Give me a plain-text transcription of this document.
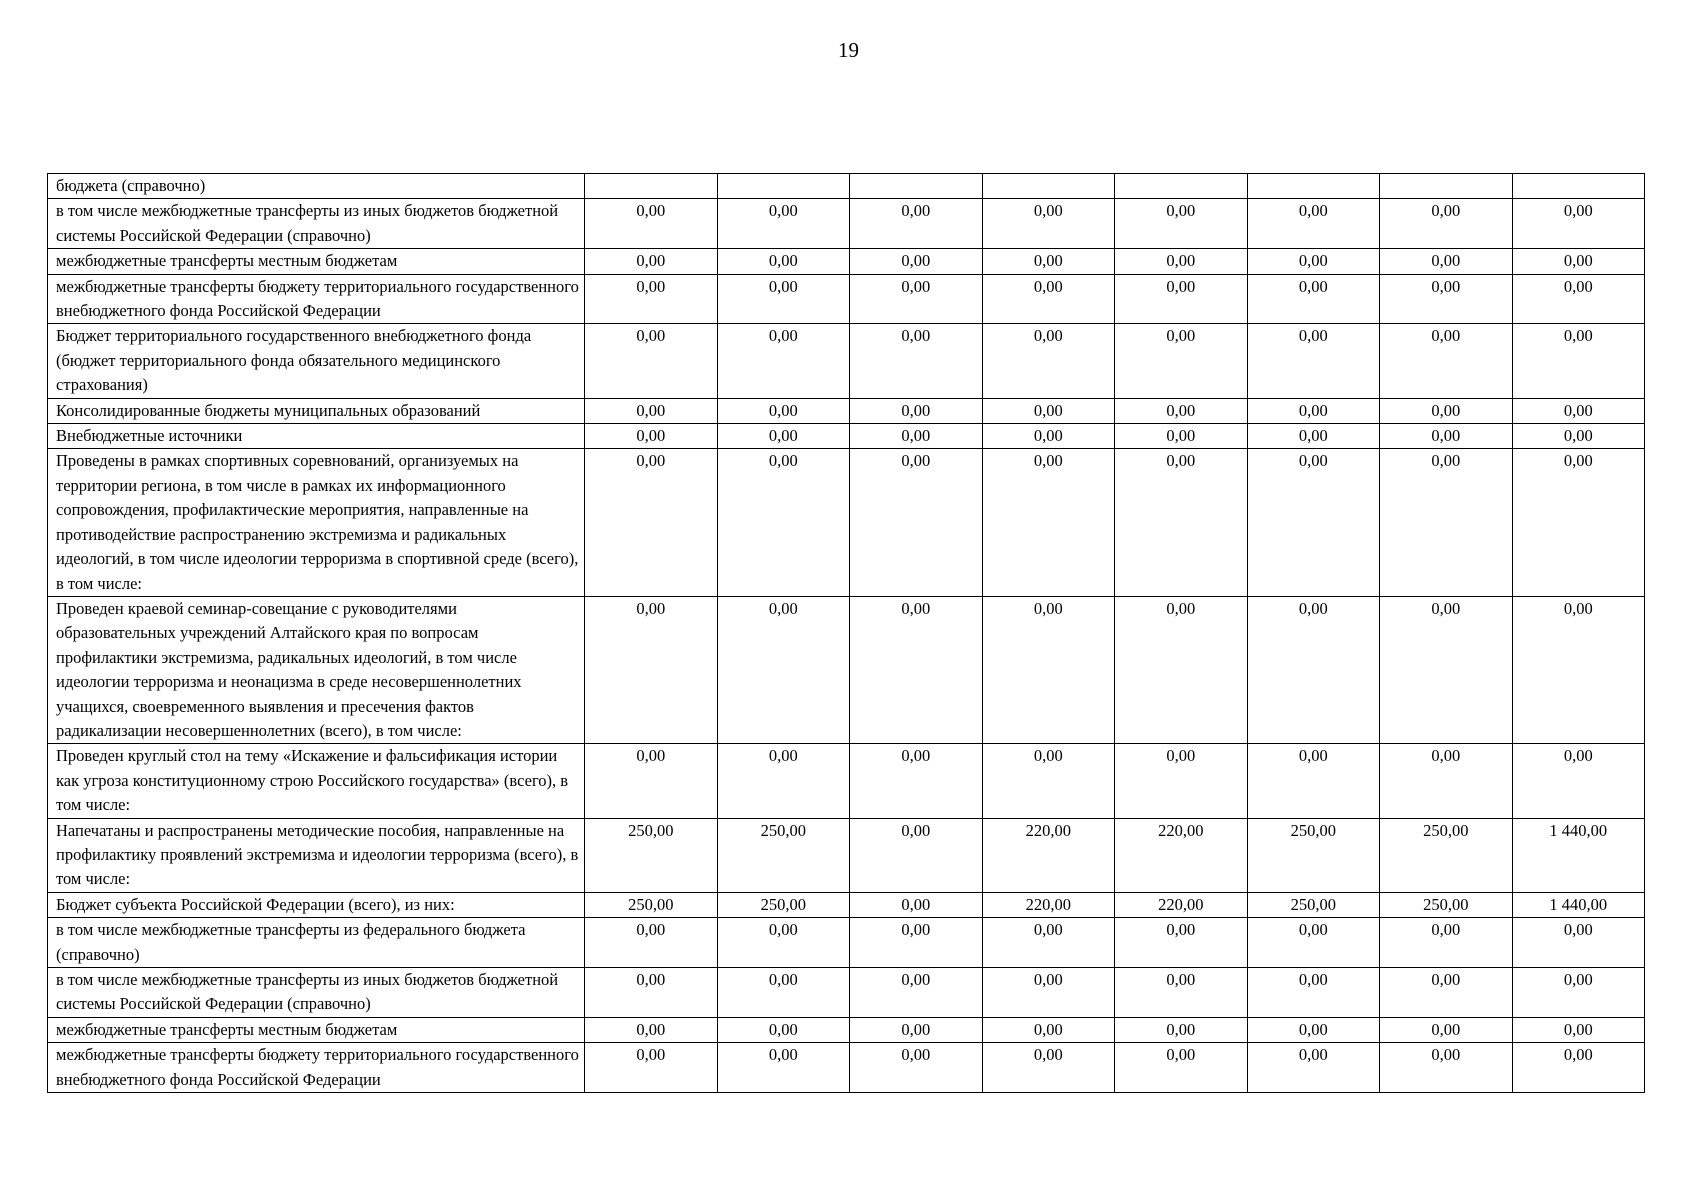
19
бюджета (справочно)								
в том числе межбюджетные трансферты из иных бюджетов бюджетной системы Российской Федерации (справочно)	0,00	0,00	0,00	0,00	0,00	0,00	0,00	0,00
межбюджетные трансферты местным бюджетам	0,00	0,00	0,00	0,00	0,00	0,00	0,00	0,00
межбюджетные трансферты бюджету территориального государственного внебюджетного фонда Российской Федерации	0,00	0,00	0,00	0,00	0,00	0,00	0,00	0,00
Бюджет территориального государственного внебюджетного фонда (бюджет территориального фонда обязательного медицинского страхования)	0,00	0,00	0,00	0,00	0,00	0,00	0,00	0,00
Консолидированные бюджеты муниципальных образований	0,00	0,00	0,00	0,00	0,00	0,00	0,00	0,00
Внебюджетные источники	0,00	0,00	0,00	0,00	0,00	0,00	0,00	0,00
Проведены в рамках спортивных соревнований, организуемых на территории региона, в том числе в рамках их информационного сопровождения, профилактические мероприятия, направленные на противодействие распространению экстремизма и радикальных идеологий, в том числе идеологии терроризма в спортивной среде (всего), в том числе:	0,00	0,00	0,00	0,00	0,00	0,00	0,00	0,00
Проведен краевой семинар-совещание с руководителями образовательных учреждений Алтайского края по вопросам профилактики экстремизма, радикальных идеологий, в том числе идеологии терроризма и неонацизма в среде несовершеннолетних учащихся, своевременного выявления и пресечения фактов радикализации несовершеннолетних (всего), в том числе:	0,00	0,00	0,00	0,00	0,00	0,00	0,00	0,00
Проведен круглый стол на тему «Искажение и фальсификация истории как угроза конституционному строю Российского государства» (всего), в том числе:	0,00	0,00	0,00	0,00	0,00	0,00	0,00	0,00
Напечатаны и распространены методические пособия, направленные на профилактику проявлений экстремизма и идеологии терроризма (всего), в том числе:	250,00	250,00	0,00	220,00	220,00	250,00	250,00	1 440,00
Бюджет субъекта Российской Федерации (всего), из них:	250,00	250,00	0,00	220,00	220,00	250,00	250,00	1 440,00
в том числе межбюджетные трансферты из федерального бюджета (справочно)	0,00	0,00	0,00	0,00	0,00	0,00	0,00	0,00
в том числе межбюджетные трансферты из иных бюджетов бюджетной системы Российской Федерации (справочно)	0,00	0,00	0,00	0,00	0,00	0,00	0,00	0,00
межбюджетные трансферты местным бюджетам	0,00	0,00	0,00	0,00	0,00	0,00	0,00	0,00
межбюджетные трансферты бюджету территориального государственного внебюджетного фонда Российской Федерации	0,00	0,00	0,00	0,00	0,00	0,00	0,00	0,00
